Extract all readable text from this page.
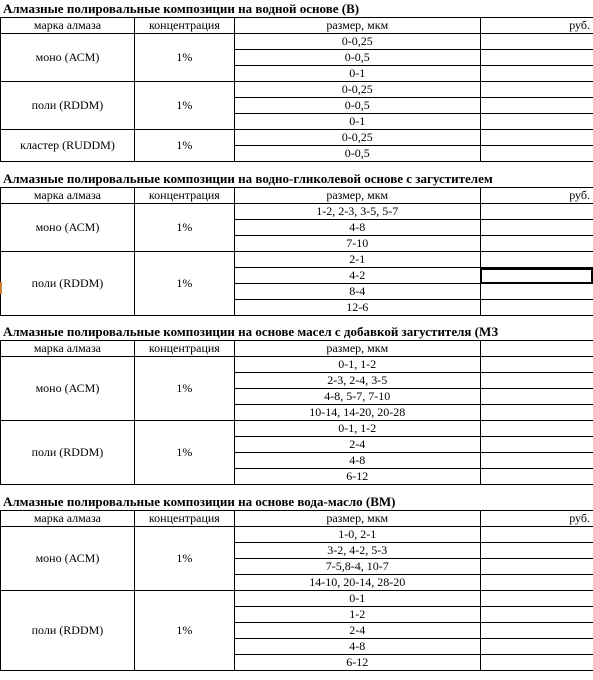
Алмазные полировальные композиции на водной основе (В)
марка алмаза	концентрация	размер, мкм	руб.
моно (АСМ)	1%	0-0,25	
		0-0,5	
		0-1	
поли (RDDM)	1%	0-0,25	
		0-0,5	
		0-1	
кластер (RUDDM)	1%	0-0,25	
		0-0,5	
Алмазные полировальные композиции на водно-гликолевой основе с загустителем
марка алмаза	концентрация	размер, мкм	руб.
моно (АСМ)	1%	1-2, 2-3, 3-5, 5-7	
		4-8	
		7-10	
поли (RDDM)	1%	2-1	
		4-2	
		8-4	
		12-6	
Алмазные полировальные композиции на основе масел с добавкой загустителя (МЗ
марка алмаза	концентрация	размер, мкм	
моно (АСМ)	1%	0-1, 1-2	
		2-3, 2-4, 3-5	
		4-8, 5-7, 7-10	
		10-14, 14-20, 20-28	
поли (RDDM)	1%	0-1, 1-2	
		2-4	
		4-8	
		6-12	
Алмазные полировальные композиции на основе вода-масло (ВМ)
марка алмаза	концентрация	размер, мкм	руб.
моно (АСМ)	1%	1-0, 2-1	
		3-2, 4-2, 5-3	
		7-5,8-4, 10-7	
		14-10, 20-14, 28-20	
поли (RDDM)	1%	0-1	
		1-2	
		2-4	
		4-8	
		6-12	
